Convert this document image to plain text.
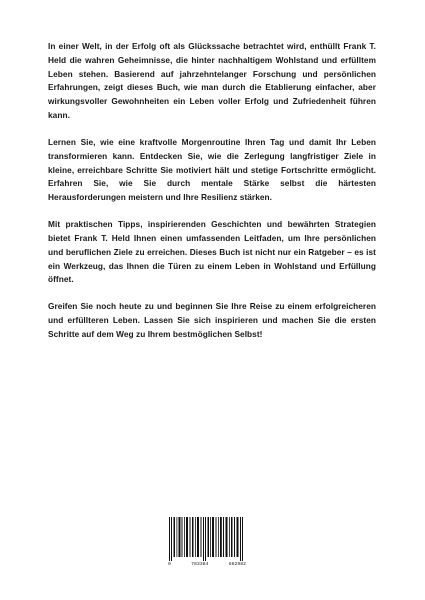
In einer Welt, in der Erfolg oft als Glückssache betrachtet wird, enthüllt Frank T. Held die wahren Geheimnisse, die hinter nachhaltigem Wohlstand und erfülltem Leben stehen. Basierend auf jahrzehntelanger Forschung und persönlichen Erfahrungen, zeigt dieses Buch, wie man durch die Etablierung einfacher, aber wirkungsvoller Gewohnheiten ein Leben voller Erfolg und Zufriedenheit führen kann.

Lernen Sie, wie eine kraftvolle Morgenroutine Ihren Tag und damit Ihr Leben transformieren kann. Entdecken Sie, wie die Zerlegung langfristiger Ziele in kleine, erreichbare Schritte Sie motiviert hält und stetige Fortschritte ermöglicht. Erfahren Sie, wie Sie durch mentale Stärke selbst die härtesten Herausforderungen meistern und Ihre Resilienz stärken.

Mit praktischen Tipps, inspirierenden Geschichten und bewährten Strategien bietet Frank T. Held Ihnen einen umfassenden Leitfaden, um Ihre persönlichen und beruflichen Ziele zu erreichen. Dieses Buch ist nicht nur ein Ratgeber – es ist ein Werkzeug, das Ihnen die Türen zu einem Leben in Wohlstand und Erfüllung öffnet.

Greifen Sie noch heute zu und beginnen Sie Ihre Reise zu einem erfolgreicheren und erfüllteren Leben. Lassen Sie sich inspirieren und machen Sie die ersten Schritte auf dem Weg zu Ihrem bestmöglichen Selbst!

9	783384	662982
